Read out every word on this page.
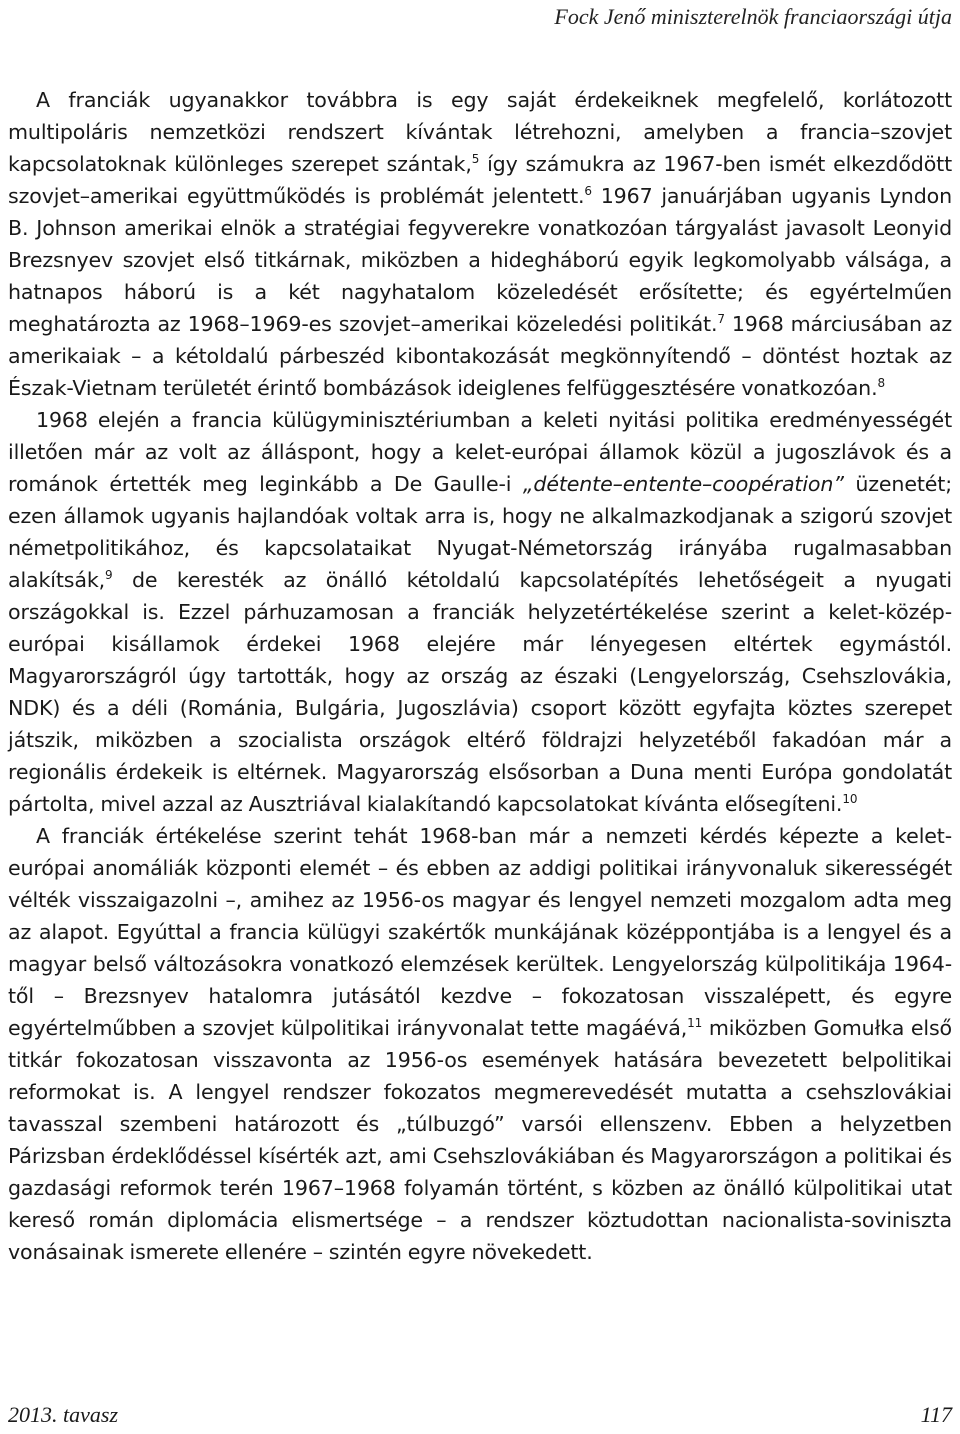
Fock Jenő miniszterelnök franciaországi útja

A franciák ugyanakkor továbbra is egy saját érdekeiknek megfelelő, korlátozott multipoláris nemzetközi rendszert kívántak létrehozni, amelyben a francia–szovjet kapcsolatoknak különleges szerepet szántak,$^5$ így számukra az 1967-ben ismét elkezdődött szovjet–amerikai együttműködés is problémát jelentett.$^6$ 1967 januárjában ugyanis Lyndon B. Johnson amerikai elnök a stratégiai fegyverekre vonatkozóan tárgyalást javasolt Leonyid Brezsnyev szovjet első titkárnak, miközben a hidegháború egyik legkomolyabb válsága, a hatnapos háború is a két nagyhatalom közeledését erősítette; és egyértelműen meghatározta az 1968–1969-es szovjet–amerikai közeledési politikát.$^7$ 1968 márciusában az amerikaiak – a kétoldalú párbeszéd kibontakozását megkönnyítendő – döntést hoztak az Észak-Vietnam területét érintő bombázások ideiglenes felfüggesztésére vonatkozóan.$^8$

1968 elején a francia külügyminisztériumban a keleti nyitási politika eredményességét illetően már az volt az álláspont, hogy a kelet-európai államok közül a jugoszlávok és a románok értették meg leginkább a De Gaulle-i „détente–entente–coopération” üzenetét; ezen államok ugyanis hajlandóak voltak arra is, hogy ne alkalmazkodjanak a szigorú szovjet németpolitikához, és kapcsolataikat Nyugat-Németország irányába rugalmasabban alakítsák,$^9$ de keresték az önálló kétoldalú kapcsolatépítés lehetőségeit a nyugati országokkal is. Ezzel párhuzamosan a franciák helyzetértékelése szerint a kelet-közép-európai kisállamok érdekei 1968 elejére már lényegesen eltértek egymástól. Magyarországról úgy tartották, hogy az ország az északi (Lengyelország, Csehszlovákia, NDK) és a déli (Románia, Bulgária, Jugoszlávia) csoport között egyfajta köztes szerepet játszik, miközben a szocialista országok eltérő földrajzi helyzetéből fakadóan már a regionális érdekeik is eltérnek. Magyarország elsősorban a Duna menti Európa gondolatát pártolta, mivel azzal az Ausztriával kialakítandó kapcsolatokat kívánta elősegíteni.$^{10}$

A franciák értékelése szerint tehát 1968-ban már a nemzeti kérdés képezte a kelet-európai anomáliák központi elemét – és ebben az addigi politikai irányvonaluk sikerességét vélték visszaigazolni –, amihez az 1956-os magyar és lengyel nemzeti mozgalom adta meg az alapot. Egyúttal a francia külügyi szakértők munkájának középpontjába is a lengyel és a magyar belső változásokra vonatkozó elemzések kerültek. Lengyelország külpolitikája 1964-től – Brezsnyev hatalomra jutásától kezdve – fokozatosan visszalépett, és egyre egyértelműbben a szovjet külpolitikai irányvonalat tette magáévá,$^{11}$ miközben Gomułka első titkár fokozatosan visszavonta az 1956-os események hatására bevezetett belpolitikai reformokat is. A lengyel rendszer fokozatos megmerevedését mutatta a csehszlovákiai tavasszal szembeni határozott és „túlbuzgó” varsói ellenszenv. Ebben a helyzetben Párizsban érdeklődéssel kísérték azt, ami Csehszlovákiában és Magyarországon a politikai és gazdasági reformok terén 1967–1968 folyamán történt, s közben az önálló külpolitikai utat kereső román diplomácia elismertsége – a rendszer köztudottan nacionalista-soviniszta vonásainak ismerete ellenére – szintén egyre növekedett.

2013. tavasz	117
